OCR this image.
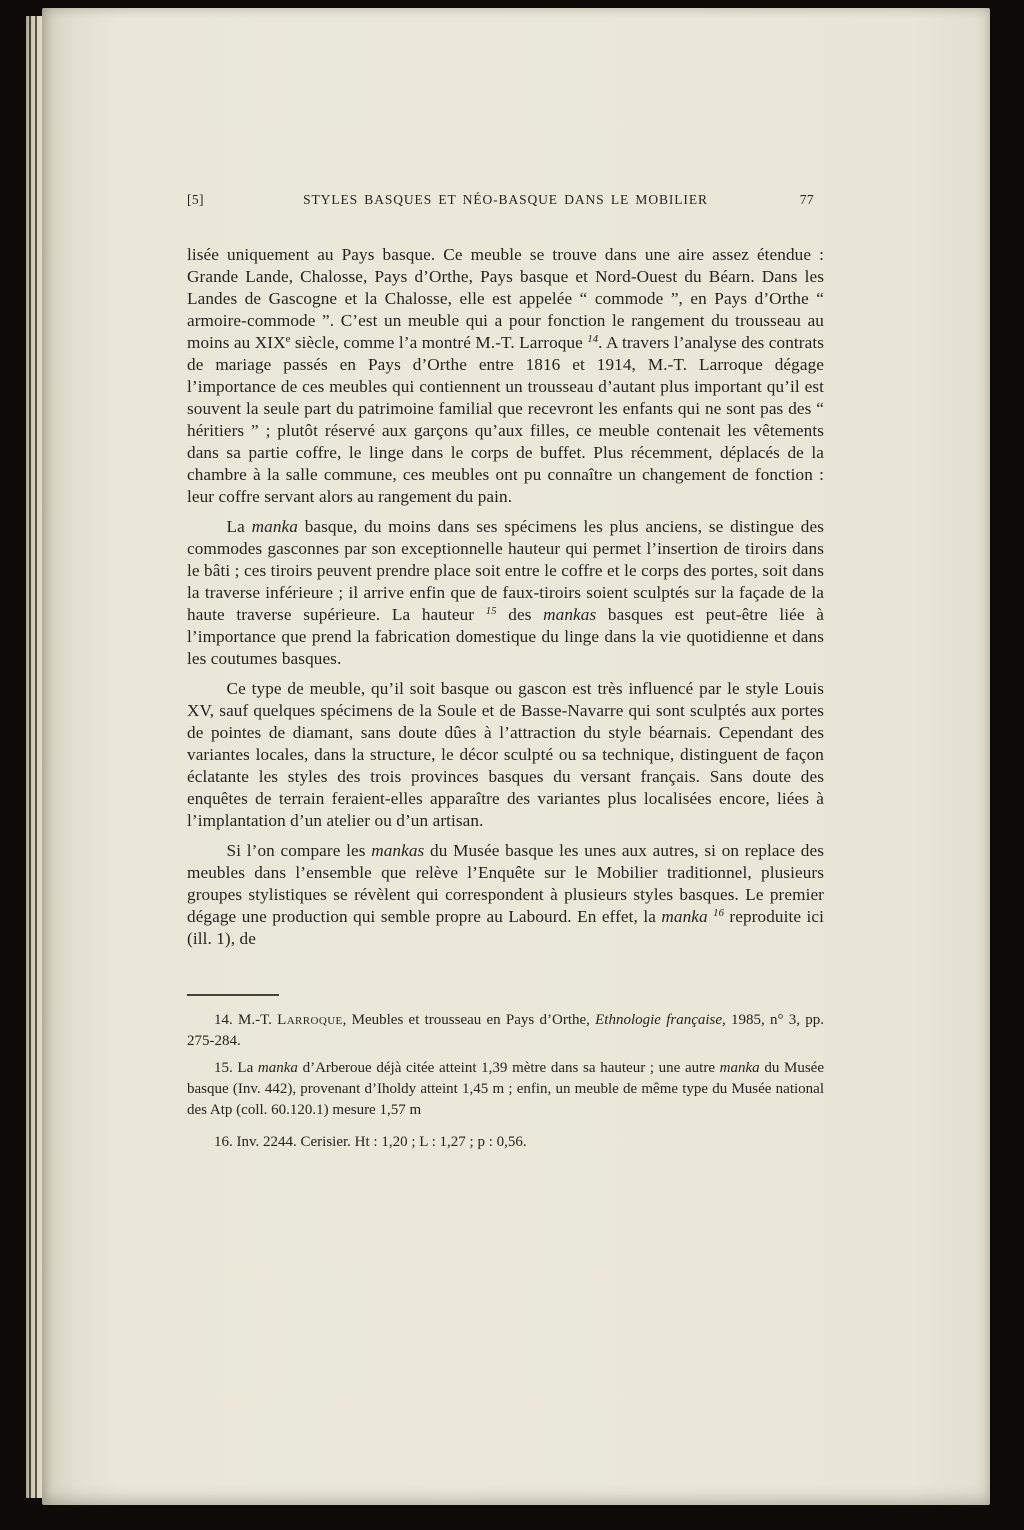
[5]	STYLES BASQUES ET NÉO-BASQUE DANS LE MOBILIER	77

lisée uniquement au Pays basque. Ce meuble se trouve dans une aire assez étendue : Grande Lande, Chalosse, Pays d’Orthe, Pays basque et Nord-Ouest du Béarn. Dans les Landes de Gascogne et la Chalosse, elle est appelée “ commode ”, en Pays d’Orthe “ armoire-commode ”. C’est un meuble qui a pour fonction le rangement du trousseau au moins au XIXe siècle, comme l’a montré M.-T. Larroque $^{14}$. A travers l’analyse des contrats de mariage passés en Pays d’Orthe entre 1816 et 1914, M.-T. Larroque dégage l’importance de ces meubles qui contiennent un trousseau d’autant plus important qu’il est souvent la seule part du patrimoine familial que recevront les enfants qui ne sont pas des “ héritiers ” ; plutôt réservé aux garçons qu’aux filles, ce meuble contenait les vêtements dans sa partie coffre, le linge dans le corps de buffet. Plus récemment, déplacés de la chambre à la salle commune, ces meubles ont pu connaître un changement de fonction : leur coffre servant alors au rangement du pain.

La manka basque, du moins dans ses spécimens les plus anciens, se distingue des commodes gasconnes par son exceptionnelle hauteur qui permet l’insertion de tiroirs dans le bâti ; ces tiroirs peuvent prendre place soit entre le coffre et le corps des portes, soit dans la traverse inférieure ; il arrive enfin que de faux-tiroirs soient sculptés sur la façade de la haute traverse supérieure. La hauteur $^{15}$ des mankas basques est peut-être liée à l’importance que prend la fabrication domestique du linge dans la vie quotidienne et dans les coutumes basques.

Ce type de meuble, qu’il soit basque ou gascon est très influencé par le style Louis XV, sauf quelques spécimens de la Soule et de Basse-Navarre qui sont sculptés aux portes de pointes de diamant, sans doute dûes à l’attraction du style béarnais. Cependant des variantes locales, dans la structure, le décor sculpté ou sa technique, distinguent de façon éclatante les styles des trois provinces basques du versant français. Sans doute des enquêtes de terrain feraient-elles apparaître des variantes plus localisées encore, liées à l’implantation d’un atelier ou d’un artisan.

Si l’on compare les mankas du Musée basque les unes aux autres, si on replace des meubles dans l’ensemble que relève l’Enquête sur le Mobilier traditionnel, plusieurs groupes stylistiques se révèlent qui correspondent à plusieurs styles basques. Le premier dégage une production qui semble propre au Labourd. En effet, la manka $^{16}$ reproduite ici (ill. 1), de

14. M.-T. Larroque, Meubles et trousseau en Pays d’Orthe, Ethnologie française, 1985, n° 3, pp. 275-284.

15. La manka d’Arberoue déjà citée atteint 1,39 mètre dans sa hauteur ; une autre manka du Musée basque (Inv. 442), provenant d’Iholdy atteint 1,45 m ; enfin, un meuble de même type du Musée national des Atp (coll. 60.120.1) mesure 1,57 m

16. Inv. 2244. Cerisier. Ht : 1,20 ; L : 1,27 ; p : 0,56.
